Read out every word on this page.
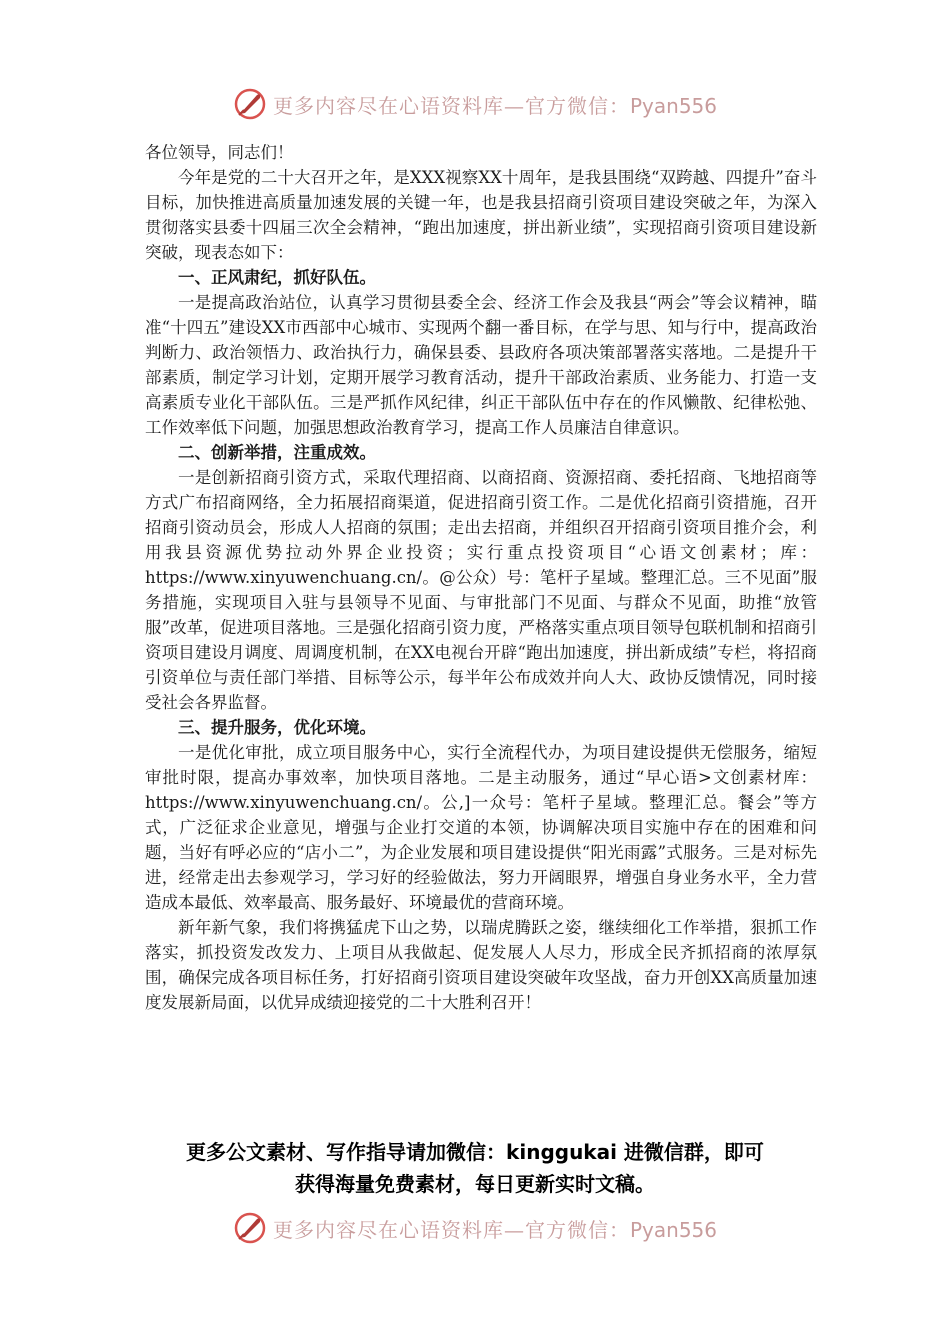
更多内容尽在心语资料库—官方微信：Pyan556

各位领导，同志们！

今年是党的二十大召开之年，是XXX视察XX十周年，是我县围绕“双跨越、四提升”奋斗目标，加快推进高质量加速发展的关键一年，也是我县招商引资项目建设突破之年，为深入贯彻落实县委十四届三次全会精神，“跑出加速度，拼出新业绩”，实现招商引资项目建设新突破，现表态如下：

一、正风肃纪，抓好队伍。

一是提高政治站位，认真学习贯彻县委全会、经济工作会及我县“两会”等会议精神，瞄准“十四五”建设XX市西部中心城市、实现两个翻一番目标，在学与思、知与行中，提高政治判断力、政治领悟力、政治执行力，确保县委、县政府各项决策部署落实落地。二是提升干部素质，制定学习计划，定期开展学习教育活动，提升干部政治素质、业务能力、打造一支高素质专业化干部队伍。三是严抓作风纪律，纠正干部队伍中存在的作风懒散、纪律松弛、工作效率低下问题，加强思想政治教育学习，提高工作人员廉洁自律意识。

二、创新举措，注重成效。

一是创新招商引资方式，采取代理招商、以商招商、资源招商、委托招商、飞地招商等方式广布招商网络，全力拓展招商渠道，促进招商引资工作。二是优化招商引资措施，召开招商引资动员会，形成人人招商的氛围；走出去招商，并组织召开招商引资项目推介会，利用我县资源优势拉动外界企业投资；实行重点投资项目“心语文创素材；库：https://www.xinyuwenchuang.cn/。@公众）号：笔杆子星域。整理汇总。三不见面”服务措施，实现项目入驻与县领导不见面、与审批部门不见面、与群众不见面，助推“放管服”改革，促进项目落地。三是强化招商引资力度，严格落实重点项目领导包联机制和招商引资项目建设月调度、周调度机制，在XX电视台开辟“跑出加速度，拼出新成绩”专栏，将招商引资单位与责任部门举措、目标等公示，每半年公布成效并向人大、政协反馈情况，同时接受社会各界监督。

三、提升服务，优化环境。

一是优化审批，成立项目服务中心，实行全流程代办，为项目建设提供无偿服务，缩短审批时限，提高办事效率，加快项目落地。二是主动服务，通过“早心语>文创素材库：https://www.xinyuwenchuang.cn/。公,]一众号：笔杆子星域。整理汇总。餐会”等方式，广泛征求企业意见，增强与企业打交道的本领，协调解决项目实施中存在的困难和问题，当好有呼必应的“店小二”，为企业发展和项目建设提供“阳光雨露”式服务。三是对标先进，经常走出去参观学习，学习好的经验做法，努力开阔眼界，增强自身业务水平，全力营造成本最低、效率最高、服务最好、环境最优的营商环境。

新年新气象，我们将携猛虎下山之势，以瑞虎腾跃之姿，继续细化工作举措，狠抓工作落实，抓投资发改发力、上项目从我做起、促发展人人尽力，形成全民齐抓招商的浓厚氛围，确保完成各项目标任务，打好招商引资项目建设突破年攻坚战，奋力开创XX高质量加速度发展新局面，以优异成绩迎接党的二十大胜利召开！

更多公文素材、写作指导请加微信：kinggukai 进微信群，即可
获得海量免费素材，每日更新实时文稿。
更多内容尽在心语资料库—官方微信：Pyan556
